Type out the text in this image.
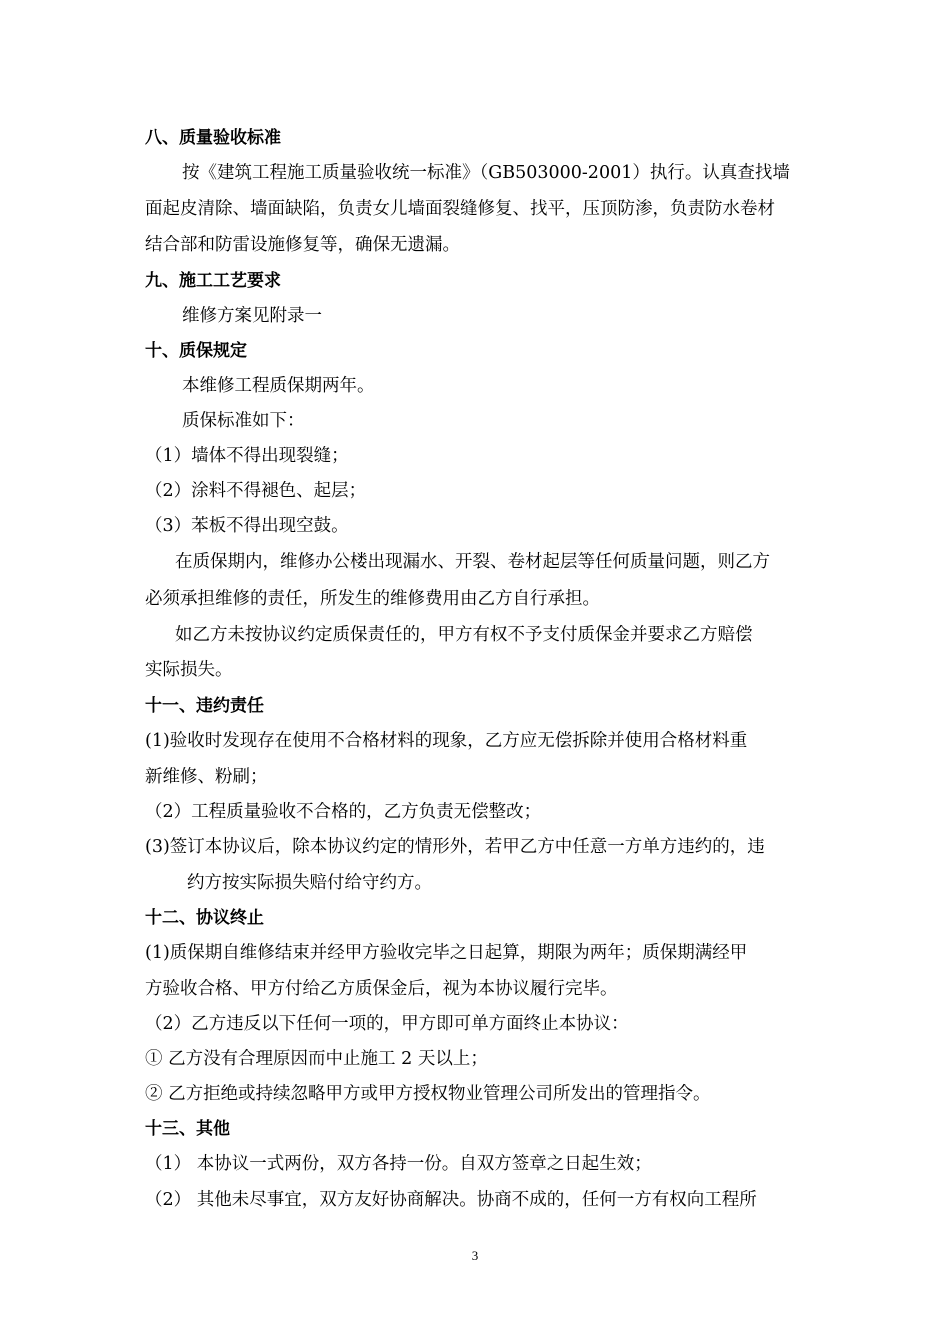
八、质量验收标准
按《建筑工程施工质量验收统一标准》（GB503000-2001）执行。认真查找墙
面起皮清除、墙面缺陷，负责女儿墙面裂缝修复、找平，压顶防渗，负责防水卷材
结合部和防雷设施修复等，确保无遗漏。
九、施工工艺要求
维修方案见附录一
十、质保规定
本维修工程质保期两年。
质保标准如下：
（1）墙体不得出现裂缝；
（2）涂料不得褪色、起层；
（3）苯板不得出现空鼓。
在质保期内，维修办公楼出现漏水、开裂、卷材起层等任何质量问题，则乙方
必须承担维修的责任，所发生的维修费用由乙方自行承担。
如乙方未按协议约定质保责任的，甲方有权不予支付质保金并要求乙方赔偿
实际损失。
十一、违约责任
(1)验收时发现存在使用不合格材料的现象，乙方应无偿拆除并使用合格材料重
新维修、粉刷；
（2）工程质量验收不合格的，乙方负责无偿整改；
(3)签订本协议后，除本协议约定的情形外，若甲乙方中任意一方单方违约的，违
约方按实际损失赔付给守约方。
十二、协议终止
(1)质保期自维修结束并经甲方验收完毕之日起算，期限为两年；质保期满经甲
方验收合格、甲方付给乙方质保金后，视为本协议履行完毕。
（2）乙方违反以下任何一项的，甲方即可单方面终止本协议：
① 乙方没有合理原因而中止施工 2 天以上；
② 乙方拒绝或持续忽略甲方或甲方授权物业管理公司所发出的管理指令。
十三、其他
（1） 本协议一式两份，双方各持一份。自双方签章之日起生效；
（2） 其他未尽事宜，双方友好协商解决。协商不成的，任何一方有权向工程所
3
